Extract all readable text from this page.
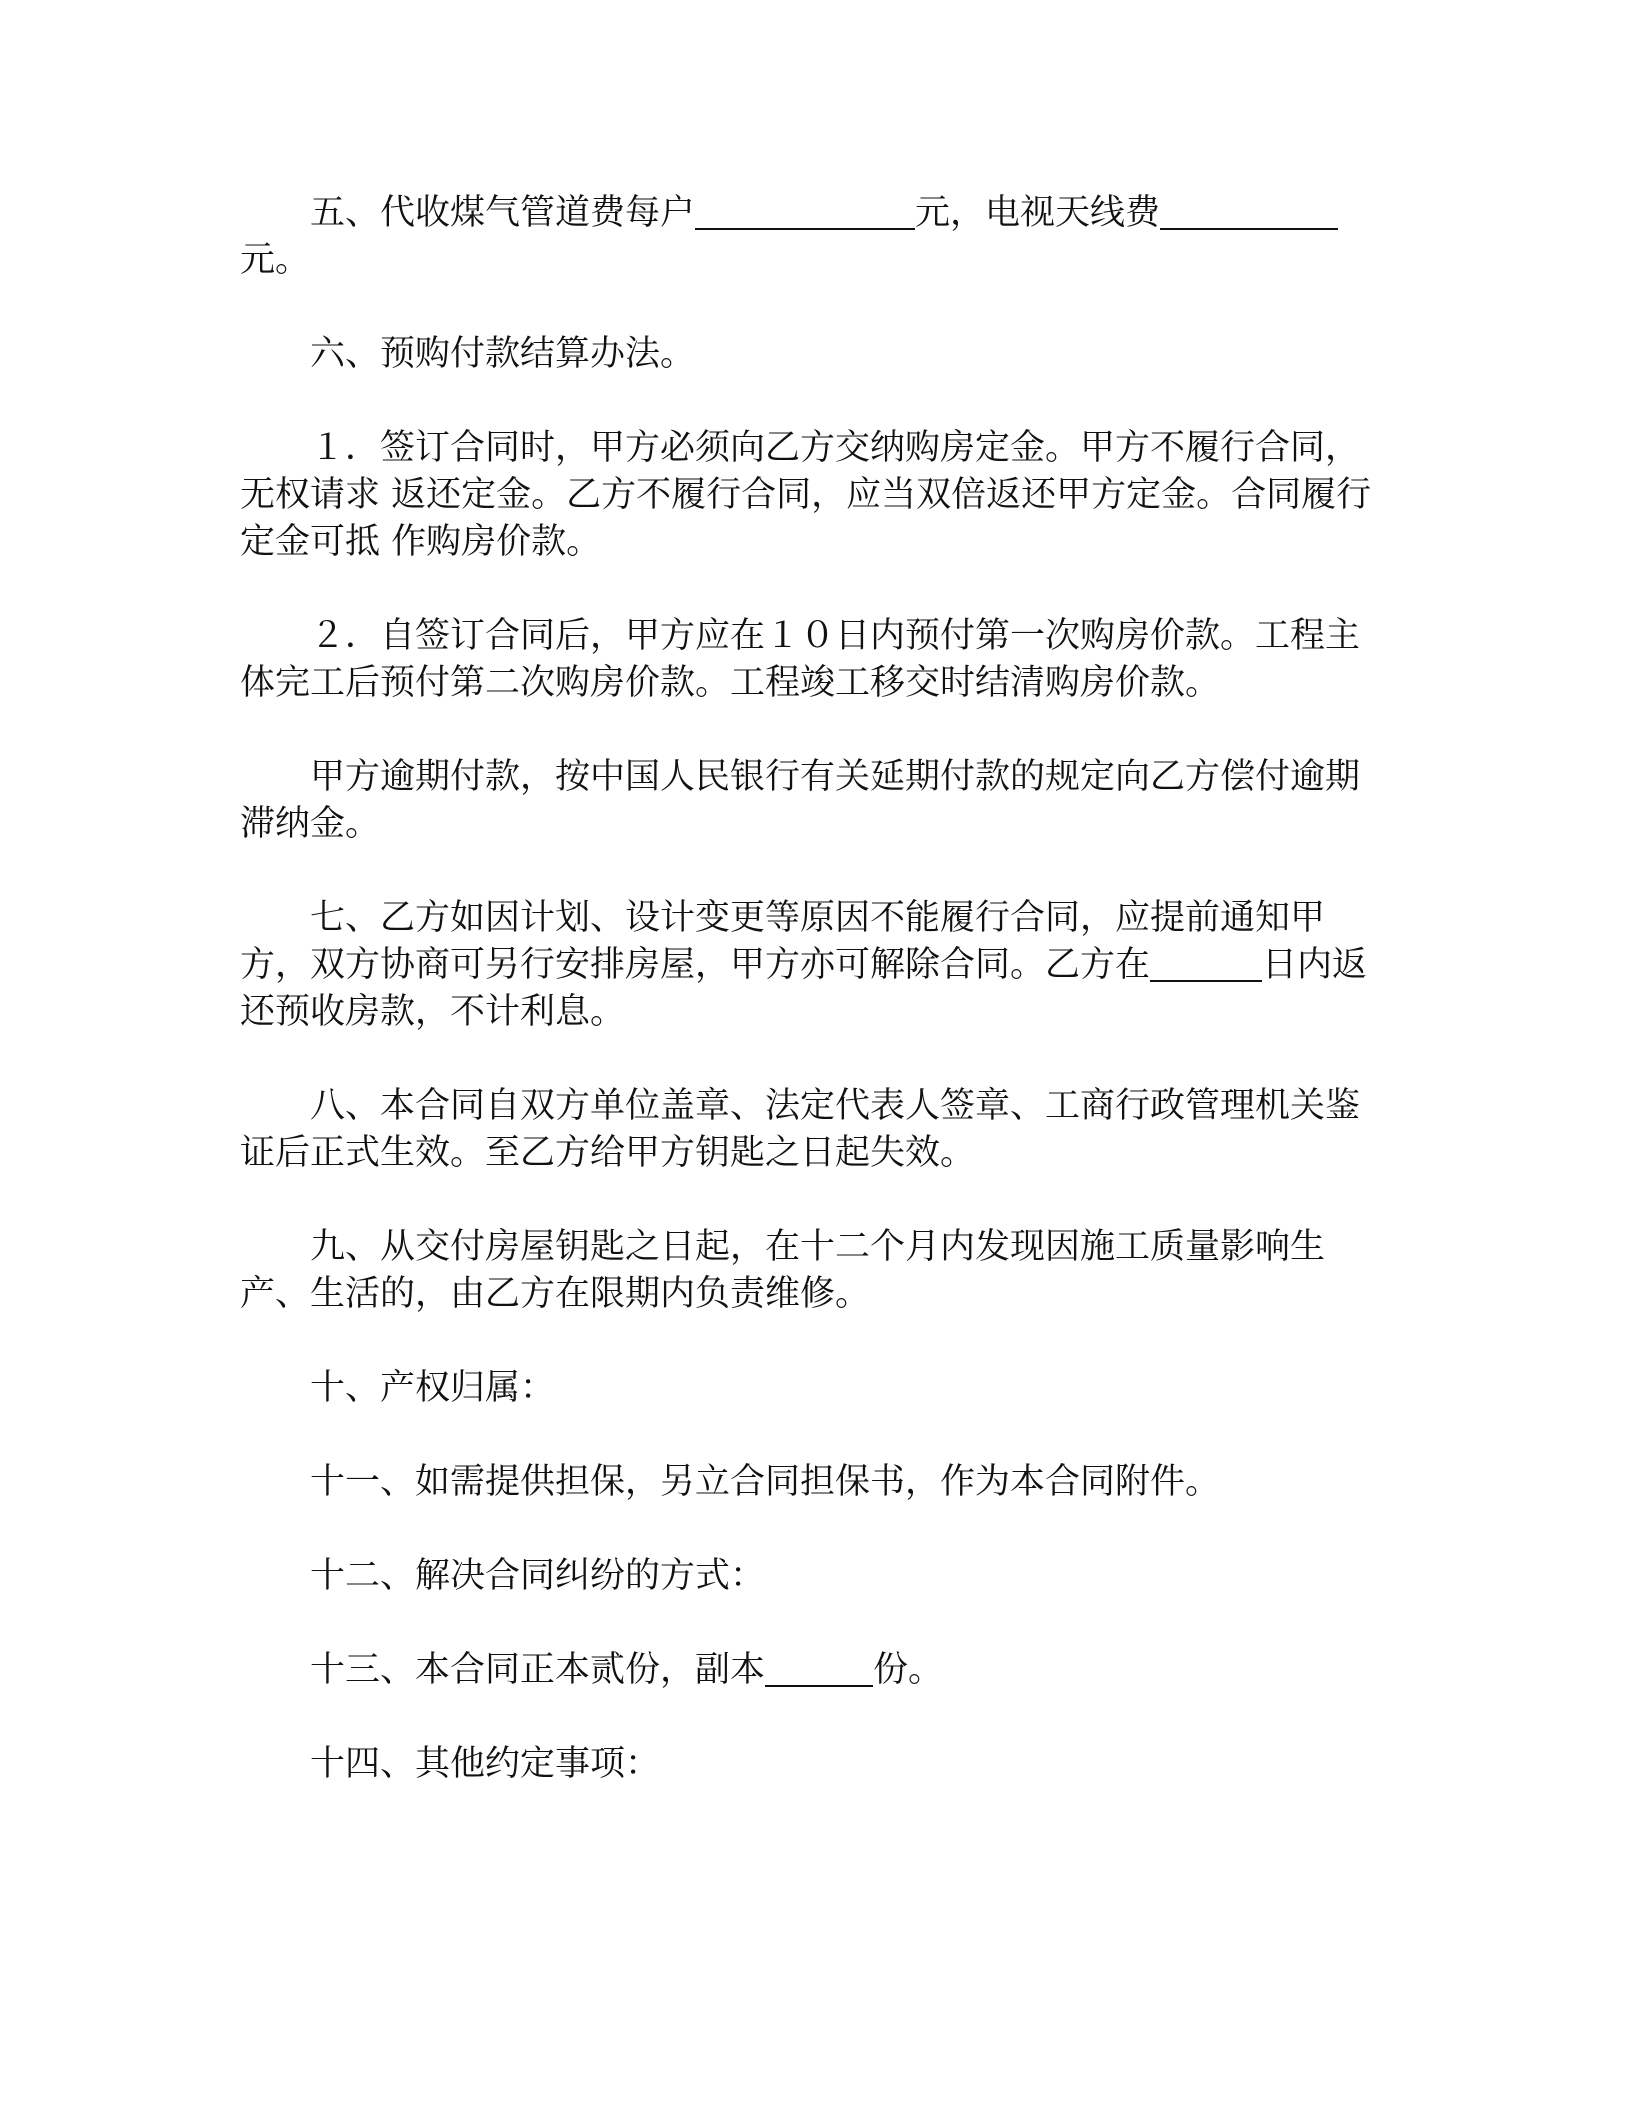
五、代收煤气管道费每户	元，电视天线费元。

六、预购付款结算办法。

１．签订合同时，甲方必须向乙方交纳购房定金。甲方不履行合同，无权请求 返还定金。乙方不履行合同，应当双倍返还甲方定金。合同履行定金可抵 作购房价款。

２．自签订合同后，甲方应在１０日内预付第一次购房价款。工程主体完工后预付第二次购房价款。工程竣工移交时结清购房价款。

甲方逾期付款，按中国人民银行有关延期付款的规定向乙方偿付逾期滞纳金。

七、乙方如因计划、设计变更等原因不能履行合同，应提前通知甲方，双方协商可另行安排房屋，甲方亦可解除合同。乙方在	日内返还预收房款，不计利息。

八、本合同自双方单位盖章、法定代表人签章、工商行政管理机关鉴证后正式生效。至乙方给甲方钥匙之日起失效。

九、从交付房屋钥匙之日起，在十二个月内发现因施工质量影响生产、生活的，由乙方在限期内负责维修。

十、产权归属：

十一、如需提供担保，另立合同担保书，作为本合同附件。

十二、解决合同纠纷的方式：

十三、本合同正本贰份，副本	份。

十四、其他约定事项：
